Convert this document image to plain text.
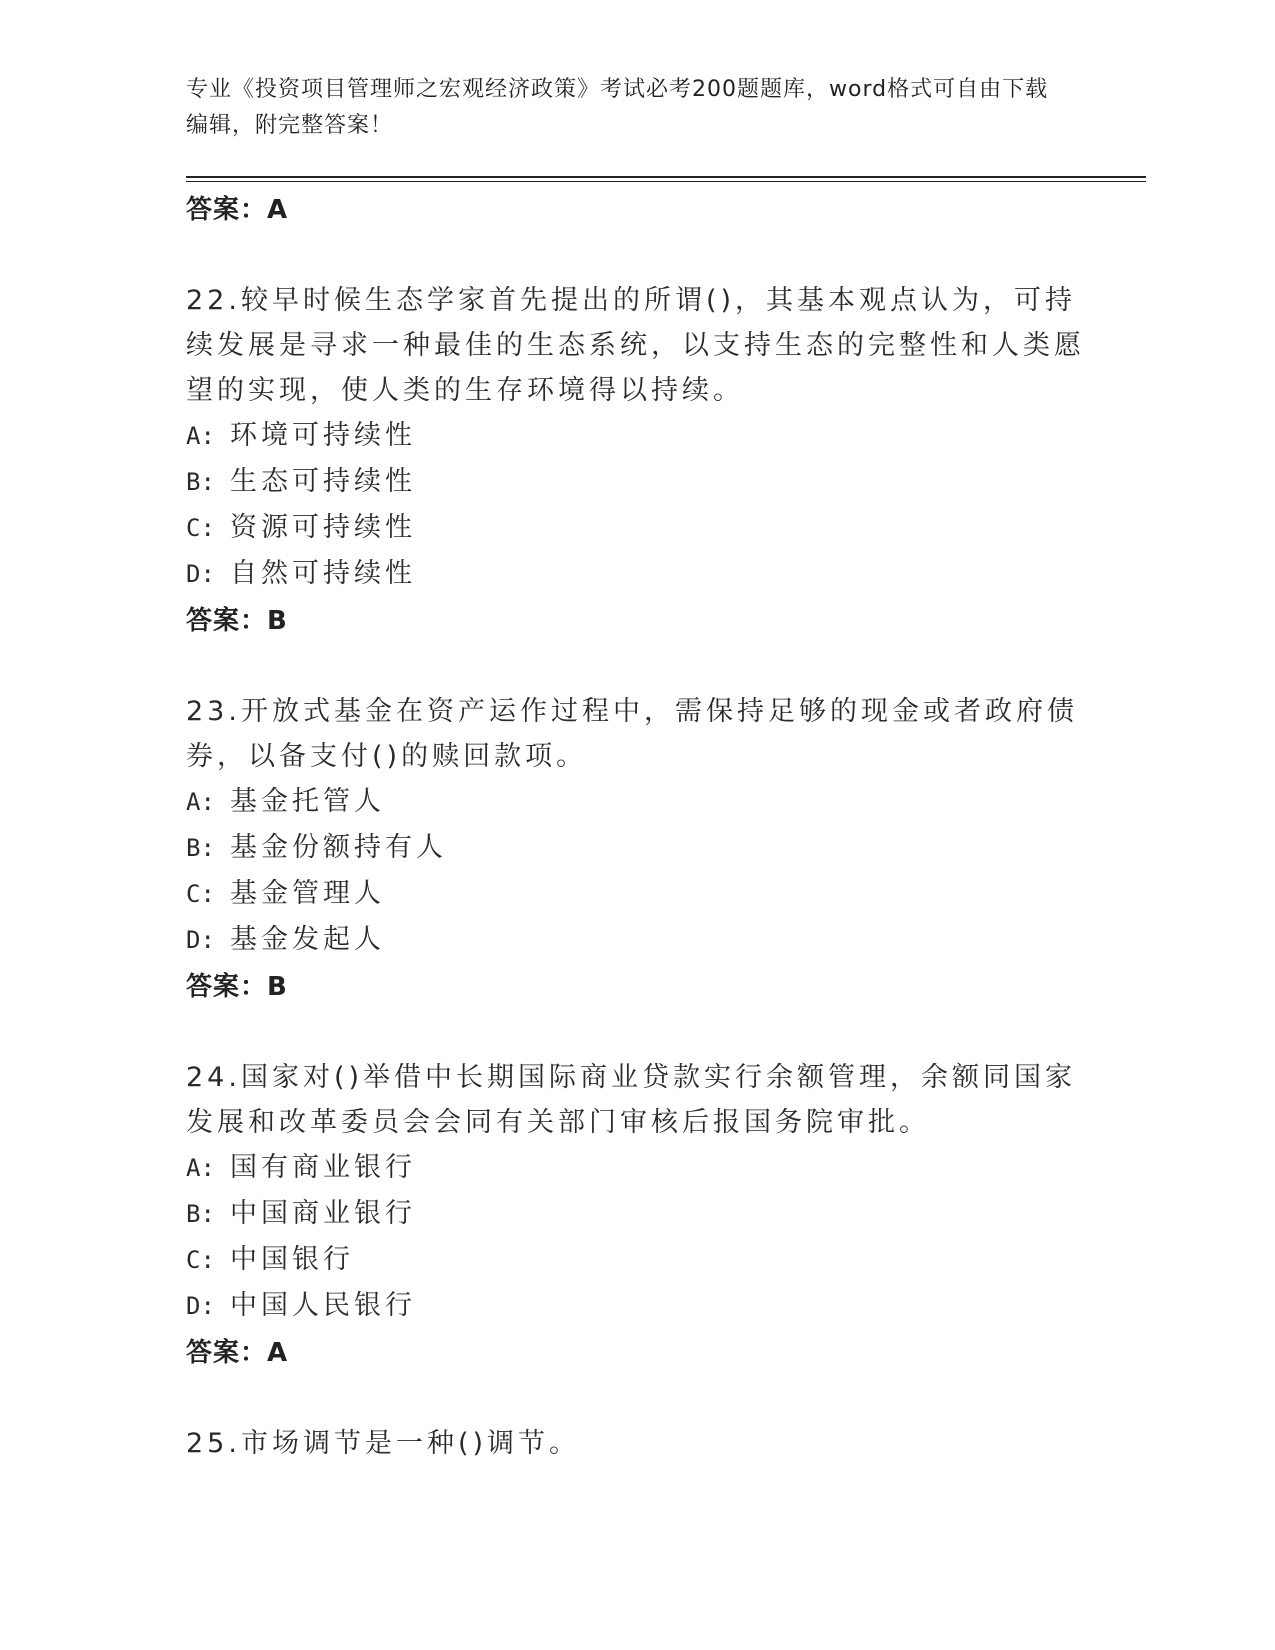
专业《投资项目管理师之宏观经济政策》考试必考200题题库，word格式可自由下载编辑，附完整答案！
答案：A
22.较早时候生态学家首先提出的所谓()，其基本观点认为，可持续发展是寻求一种最佳的生态系统，以支持生态的完整性和人类愿望的实现，使人类的生存环境得以持续。
A: 环境可持续性
B: 生态可持续性
C: 资源可持续性
D: 自然可持续性
答案：B
23.开放式基金在资产运作过程中，需保持足够的现金或者政府债券，以备支付()的赎回款项。
A: 基金托管人
B: 基金份额持有人
C: 基金管理人
D: 基金发起人
答案：B
24.国家对()举借中长期国际商业贷款实行余额管理，余额同国家发展和改革委员会会同有关部门审核后报国务院审批。
A: 国有商业银行
B: 中国商业银行
C: 中国银行
D: 中国人民银行
答案：A
25.市场调节是一种()调节。
